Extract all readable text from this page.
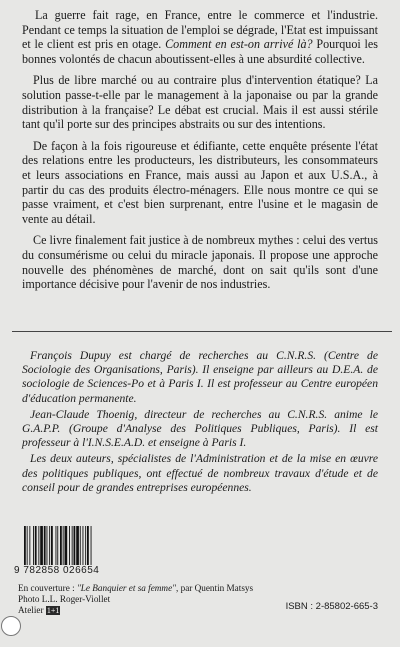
La guerre fait rage, en France, entre le commerce et l'industrie. Pendant ce temps la situation de l'emploi se dégrade, l'Etat est impuissant et le client est pris en otage. Comment en est-on arrivé là? Pourquoi les bonnes volontés de chacun aboutissent-elles à une absurdité collective.

Plus de libre marché ou au contraire plus d'intervention étatique? La solution passe-t-elle par le management à la japonaise ou par la grande distribution à la française? Le débat est crucial. Mais il est aussi stérile tant qu'il porte sur des principes abstraits ou sur des intentions.

De façon à la fois rigoureuse et édifiante, cette enquête présente l'état des relations entre les producteurs, les distributeurs, les consommateurs et leurs associations en France, mais aussi au Japon et aux U.S.A., à partir du cas des produits électro-ménagers. Elle nous montre ce qui se passe vraiment, et c'est bien surprenant, entre l'usine et le magasin de vente au détail.

Ce livre finalement fait justice à de nombreux mythes : celui des vertus du consumérisme ou celui du miracle japonais. Il propose une approche nouvelle des phénomènes de marché, dont on sait qu'ils sont d'une importance décisive pour l'avenir de nos industries.

François Dupuy est chargé de recherches au C.N.R.S. (Centre de Sociologie des Organisations, Paris). Il enseigne par ailleurs au D.E.A. de sociologie de Sciences-Po et à Paris I. Il est professeur au Centre européen d'éducation permanente.

Jean-Claude Thoenig, directeur de recherches au C.N.R.S. anime le G.A.P.P. (Groupe d'Analyse des Politiques Publiques, Paris). Il est professeur à l'I.N.S.E.A.D. et enseigne à Paris I.

Les deux auteurs, spécialistes de l'Administration et de la mise en œuvre des politiques publiques, ont effectué de nombreux travaux d'étude et de conseil pour de grandes entreprises européennes.

9 782858 026654
En couverture : "Le Banquier et sa femme", par Quentin Matsys
Photo L.L. Roger-Viollet
Atelier 1+1	ISBN : 2-85802-665-3
